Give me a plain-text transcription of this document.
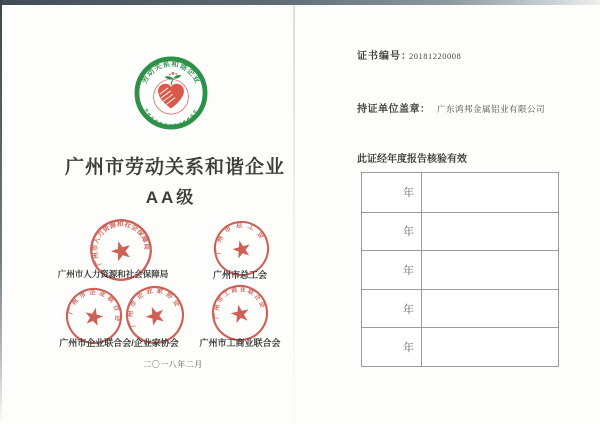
劳动关系和谐企业
«««««««««««««
广州市劳动关系和谐企业
AA级
广州市人力资源和社会保障局	广州市总工会
广州市人力资源和社会保障局	广州市总工会
广州市企业联合会 广州市企业家协会
广州市工商业联合会
广州市企业联合会/企业家协会	广州市工商业联合会
二〇一八年二月
证书编号：
20181220008
持证单位盖章： 广东鸿邦金属铝业有限公司
此证经年度报告核验有效
年
年
年
年
年
